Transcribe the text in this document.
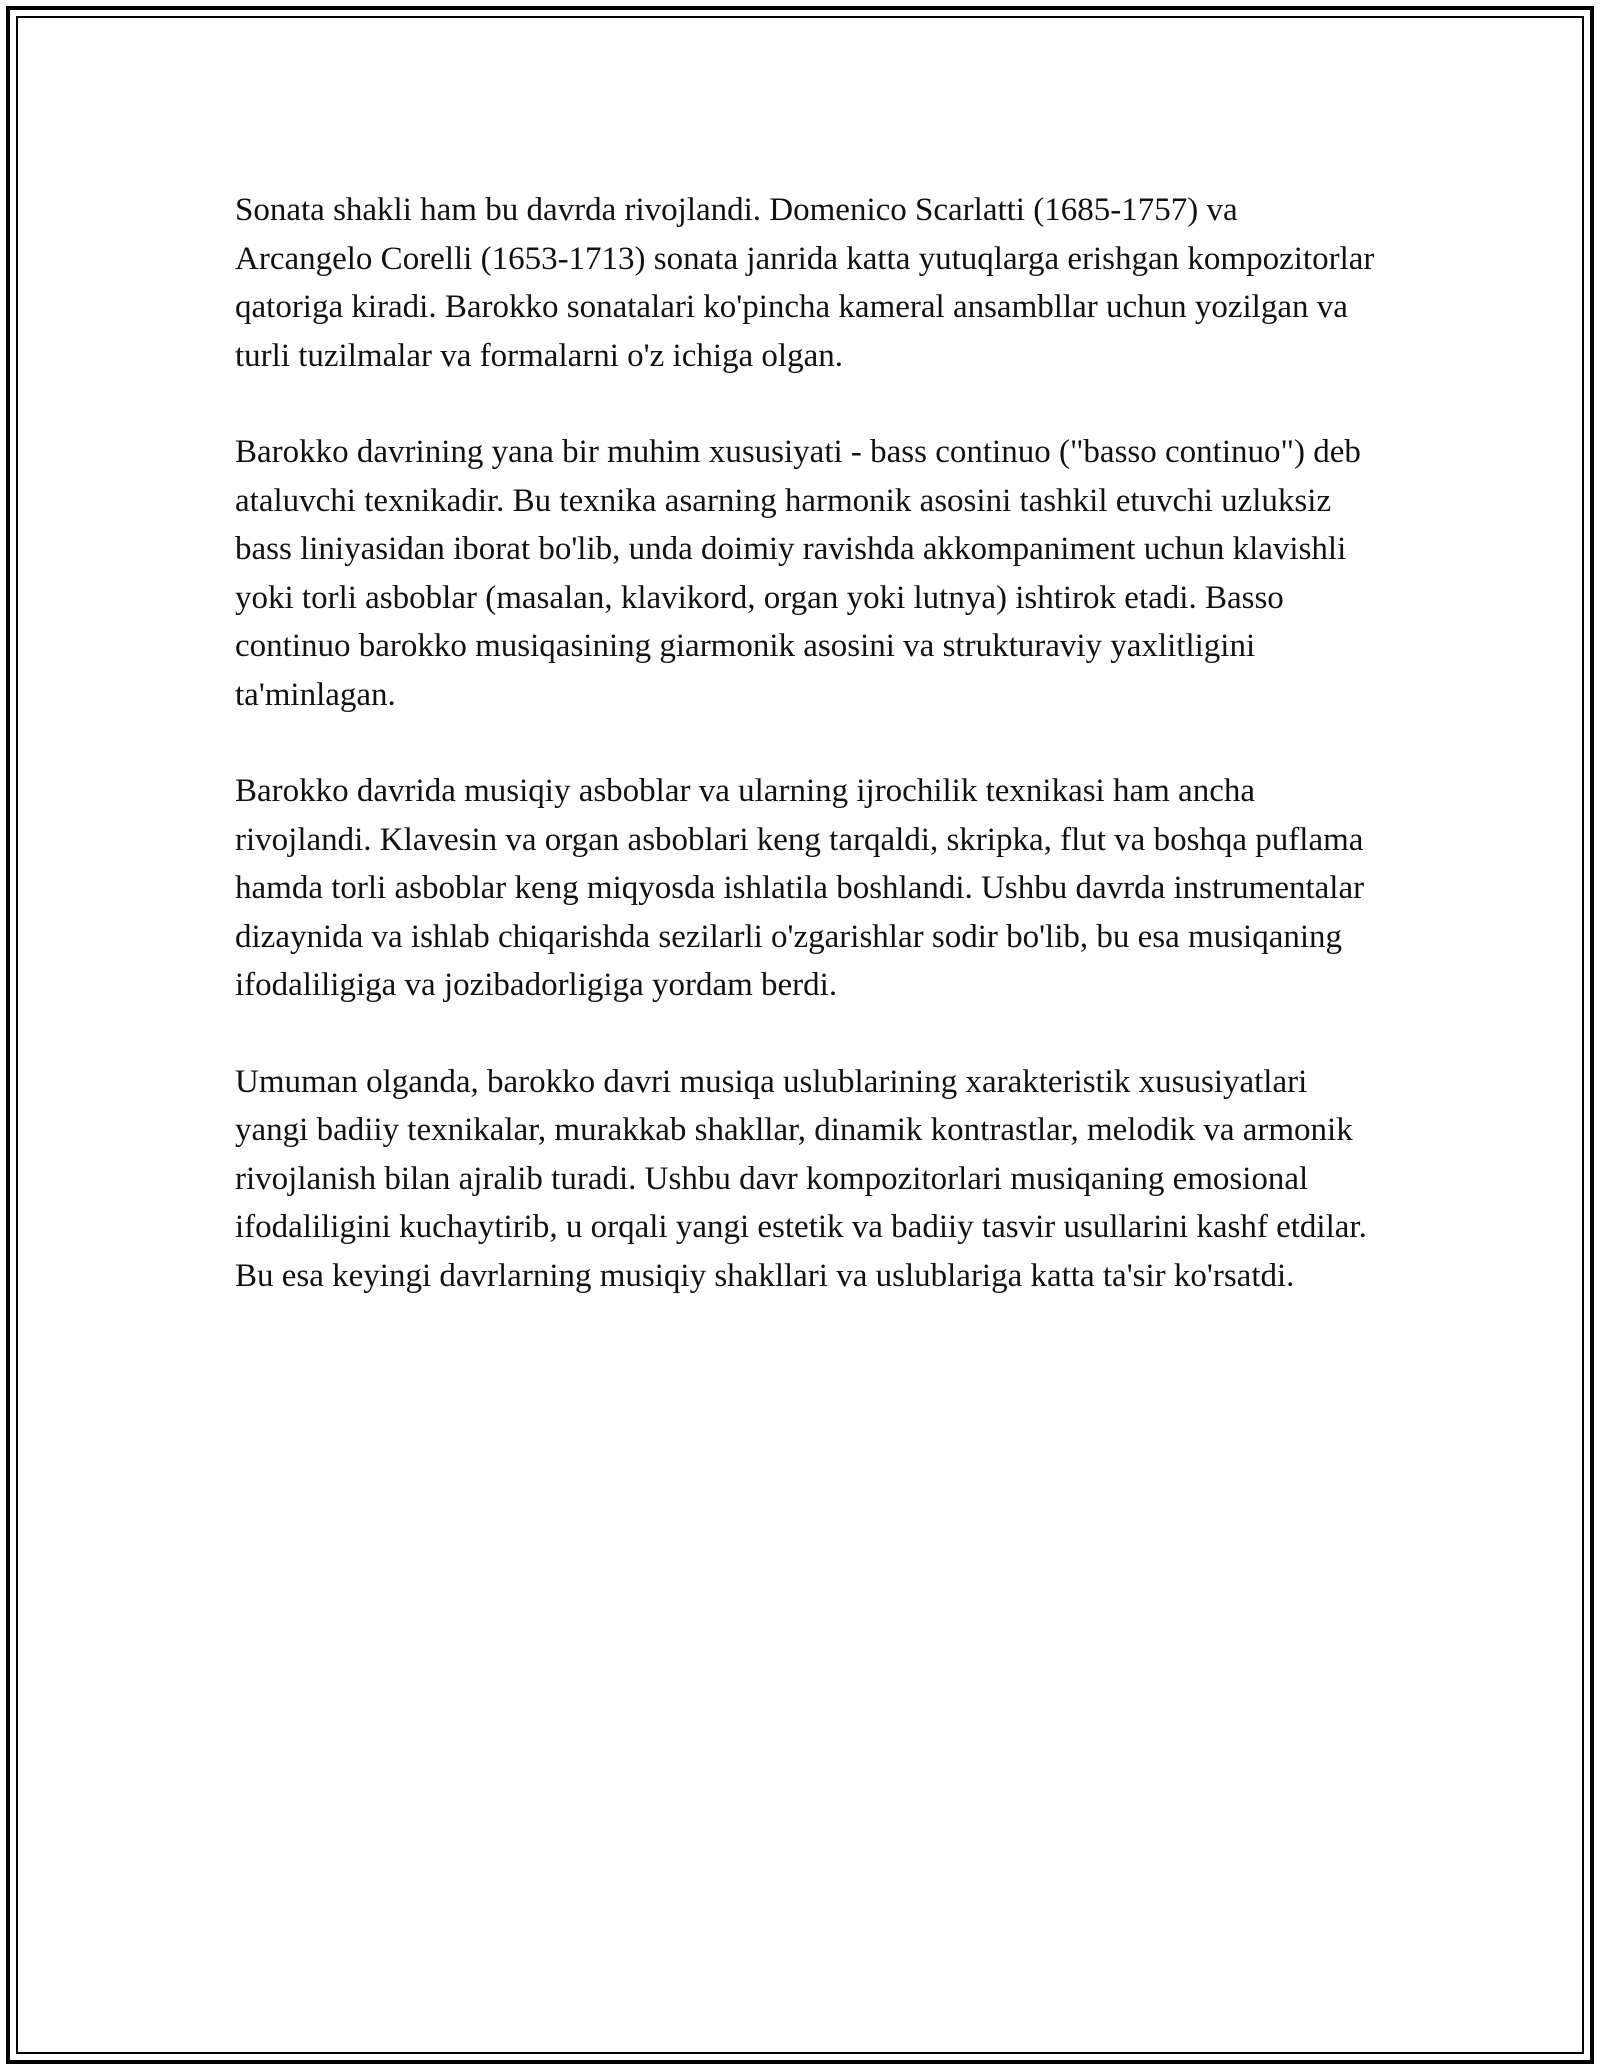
Sonata shakli ham bu davrda rivojlandi. Domenico Scarlatti (1685-1757) va Arcangelo Corelli (1653-1713) sonata janrida katta yutuqlarga erishgan kompozitorlar qatoriga kiradi. Barokko sonatalari ko'pincha kameral ansambllar uchun yozilgan va turli tuzilmalar va formalarni o'z ichiga olgan.

Barokko davrining yana bir muhim xususiyati - bass continuo ("basso continuo") deb ataluvchi texnikadir. Bu texnika asarning harmonik asosini tashkil etuvchi uzluksiz bass liniyasidan iborat bo'lib, unda doimiy ravishda akkompaniment uchun klavishli yoki torli asboblar (masalan, klavikord, organ yoki lutnya) ishtirok etadi. Basso continuo barokko musiqasining giarmonik asosini va strukturaviy yaxlitligini ta'minlagan.

Barokko davrida musiqiy asboblar va ularning ijrochilik texnikasi ham ancha rivojlandi. Klavesin va organ asboblari keng tarqaldi, skripka, flut va boshqa puflama hamda torli asboblar keng miqyosda ishlatila boshlandi. Ushbu davrda instrumentalar dizaynida va ishlab chiqarishda sezilarli o'zgarishlar sodir bo'lib, bu esa musiqaning ifodaliligiga va jozibadorligiga yordam berdi.

Umuman olganda, barokko davri musiqa uslublarining xarakteristik xususiyatlari yangi badiiy texnikalar, murakkab shakllar, dinamik kontrastlar, melodik va armonik rivojlanish bilan ajralib turadi. Ushbu davr kompozitorlari musiqaning emosional ifodaliligini kuchaytirib, u orqali yangi estetik va badiiy tasvir usullarini kashf etdilar. Bu esa keyingi davrlarning musiqiy shakllari va uslublariga katta ta'sir ko'rsatdi.
